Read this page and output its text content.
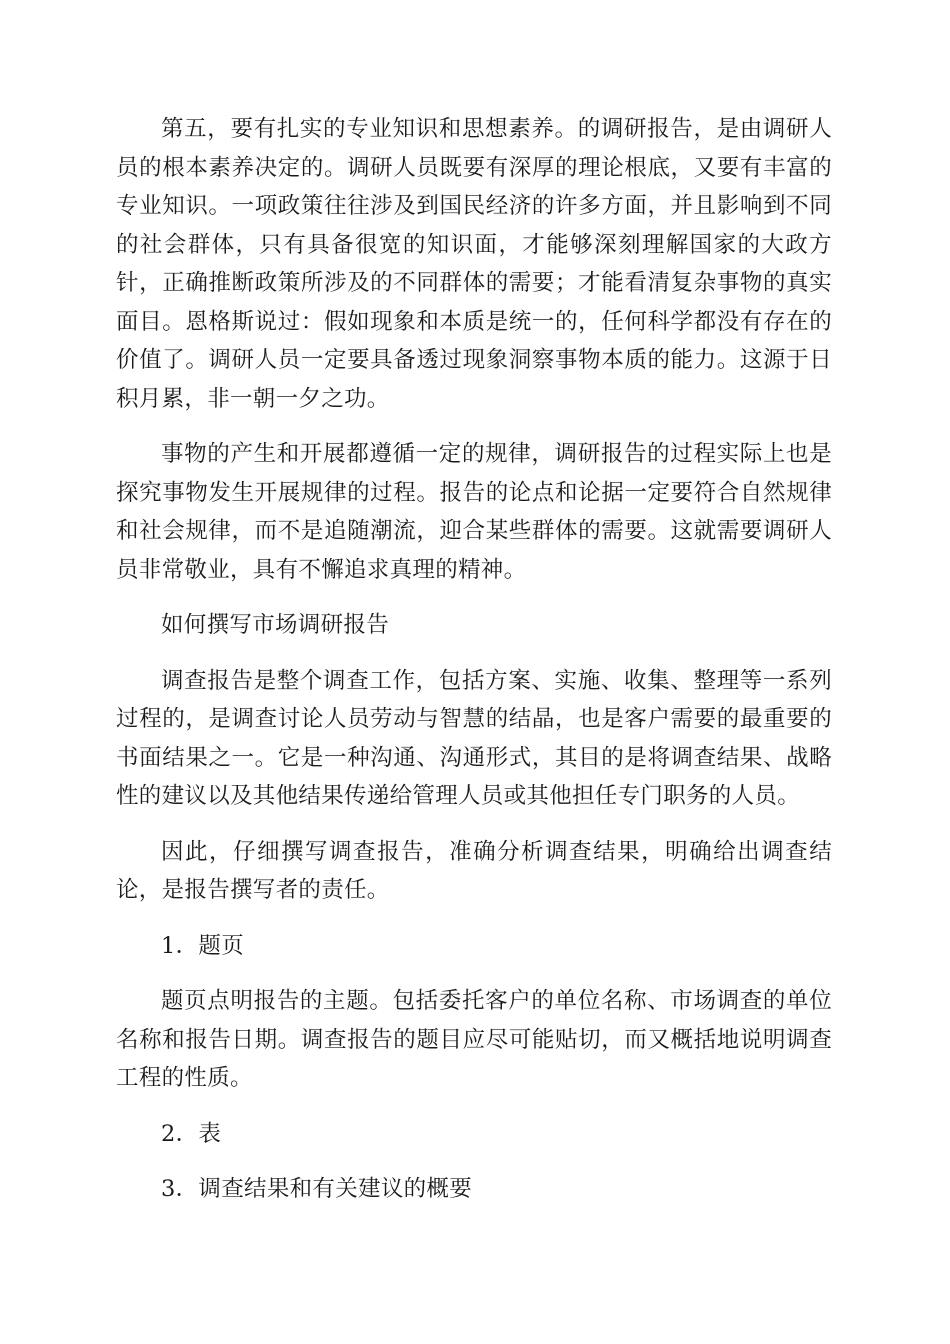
第五，要有扎实的专业知识和思想素养。的调研报告，是由调研人员的根本素养决定的。调研人员既要有深厚的理论根底，又要有丰富的专业知识。一项政策往往涉及到国民经济的许多方面，并且影响到不同的社会群体，只有具备很宽的知识面，才能够深刻理解国家的大政方针，正确推断政策所涉及的不同群体的需要；才能看清复杂事物的真实面目。恩格斯说过：假如现象和本质是统一的，任何科学都没有存在的价值了。调研人员一定要具备透过现象洞察事物本质的能力。这源于日积月累，非一朝一夕之功。

事物的产生和开展都遵循一定的规律，调研报告的过程实际上也是探究事物发生开展规律的过程。报告的论点和论据一定要符合自然规律和社会规律，而不是追随潮流，迎合某些群体的需要。这就需要调研人员非常敬业，具有不懈追求真理的精神。

如何撰写市场调研报告

调查报告是整个调查工作，包括方案、实施、收集、整理等一系列过程的，是调查讨论人员劳动与智慧的结晶，也是客户需要的最重要的书面结果之一。它是一种沟通、沟通形式，其目的是将调查结果、战略性的建议以及其他结果传递给管理人员或其他担任专门职务的人员。

因此，仔细撰写调查报告，准确分析调查结果，明确给出调查结论，是报告撰写者的责任。

1．题页

题页点明报告的主题。包括委托客户的单位名称、市场调查的单位名称和报告日期。调查报告的题目应尽可能贴切，而又概括地说明调查工程的性质。

2．表

3．调查结果和有关建议的概要
